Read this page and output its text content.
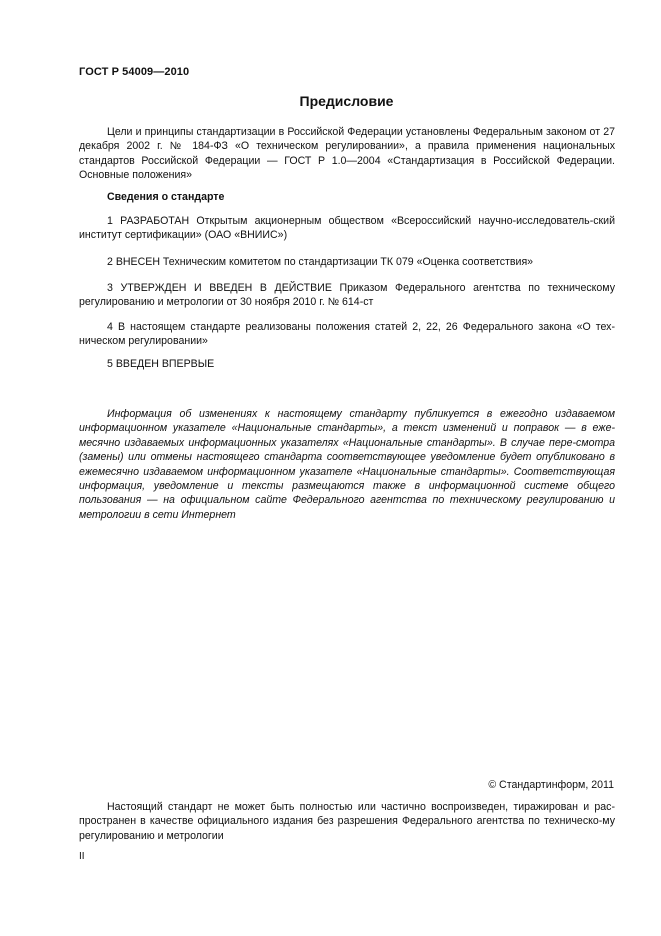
ГОСТ Р 54009—2010
Предисловие
Цели и принципы стандартизации в Российской Федерации установлены Федеральным законом от 27 декабря 2002 г. № 184-ФЗ «О техническом регулировании», а правила применения национальных стандартов Российской Федерации — ГОСТ Р 1.0—2004 «Стандартизация в Российской Федерации. Основные положения»
Сведения о стандарте
1 РАЗРАБОТАН Открытым акционерным обществом «Всероссийский научно-исследователь-ский институт сертификации» (ОАО «ВНИИС»)
2 ВНЕСЕН Техническим комитетом по стандартизации ТК 079 «Оценка соответствия»
3 УТВЕРЖДЕН И ВВЕДЕН В ДЕЙСТВИЕ Приказом Федерального агентства по техническому регулированию и метрологии от 30 ноября 2010 г. № 614-ст
4 В настоящем стандарте реализованы положения статей 2, 22, 26 Федерального закона «О тех-ническом регулировании»
5 ВВЕДЕН ВПЕРВЫЕ
Информация об изменениях к настоящему стандарту публикуется в ежегодно издаваемом информационном указателе «Национальные стандарты», а текст изменений и поправок — в еже-месячно издаваемых информационных указателях «Национальные стандарты». В случае пере-смотра (замены) или отмены настоящего стандарта соответствующее уведомление будет опубликовано в ежемесячно издаваемом информационном указателе «Национальные стандарты». Соответствующая информация, уведомление и тексты размещаются также в информационной системе общего пользования — на официальном сайте Федерального агентства по техническому регулированию и метрологии в сети Интернет
© Стандартинформ, 2011
Настоящий стандарт не может быть полностью или частично воспроизведен, тиражирован и рас-пространен в качестве официального издания без разрешения Федерального агентства по техническо-му регулированию и метрологии
II
